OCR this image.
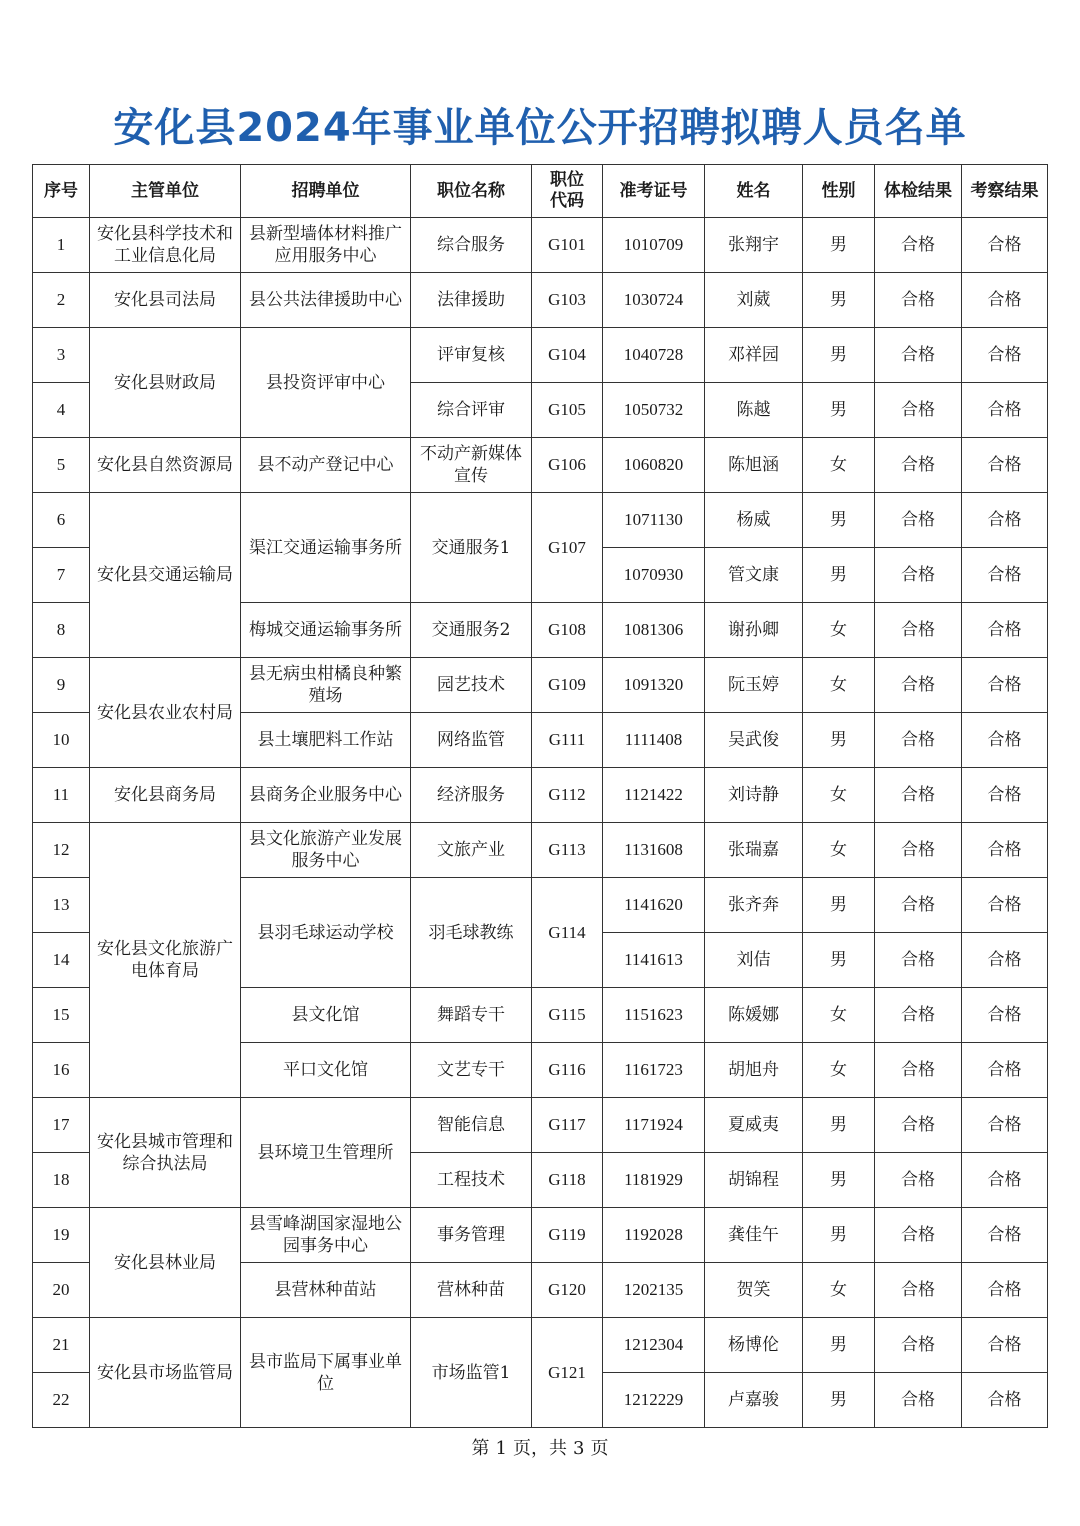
安化县2024年事业单位公开招聘拟聘人员名单
序号	主管单位	招聘单位	职位名称	职位代码	准考证号	姓名	性别	体检结果	考察结果
1	安化县科学技术和工业信息化局	县新型墙体材料推广应用服务中心	综合服务	G101	1010709	张翔宇	男	合格	合格
2	安化县司法局	县公共法律援助中心	法律援助	G103	1030724	刘葳	男	合格	合格
3	安化县财政局	县投资评审中心	评审复核	G104	1040728	邓祥园	男	合格	合格
4			综合评审	G105	1050732	陈越	男	合格	合格
5	安化县自然资源局	县不动产登记中心	不动产新媒体宣传	G106	1060820	陈旭涵	女	合格	合格
6	安化县交通运输局	渠江交通运输事务所	交通服务1	G107	1071130	杨威	男	合格	合格
7					1070930	管文康	男	合格	合格
8		梅城交通运输事务所	交通服务2	G108	1081306	谢孙卿	女	合格	合格
9	安化县农业农村局	县无病虫柑橘良种繁殖场	园艺技术	G109	1091320	阮玉婷	女	合格	合格
10		县土壤肥料工作站	网络监管	G111	1111408	吴武俊	男	合格	合格
11	安化县商务局	县商务企业服务中心	经济服务	G112	1121422	刘诗静	女	合格	合格
12	安化县文化旅游广电体育局	县文化旅游产业发展服务中心	文旅产业	G113	1131608	张瑞嘉	女	合格	合格
13		县羽毛球运动学校	羽毛球教练	G114	1141620	张齐奔	男	合格	合格
14					1141613	刘佶	男	合格	合格
15		县文化馆	舞蹈专干	G115	1151623	陈媛娜	女	合格	合格
16		平口文化馆	文艺专干	G116	1161723	胡旭舟	女	合格	合格
17	安化县城市管理和综合执法局	县环境卫生管理所	智能信息	G117	1171924	夏威夷	男	合格	合格
18			工程技术	G118	1181929	胡锦程	男	合格	合格
19	安化县林业局	县雪峰湖国家湿地公园事务中心	事务管理	G119	1192028	龚佳午	男	合格	合格
20		县营林种苗站	营林种苗	G120	1202135	贺笑	女	合格	合格
21	安化县市场监管局	县市监局下属事业单位	市场监管1	G121	1212304	杨博伦	男	合格	合格
22					1212229	卢嘉骏	男	合格	合格
第 1 页，共 3 页
